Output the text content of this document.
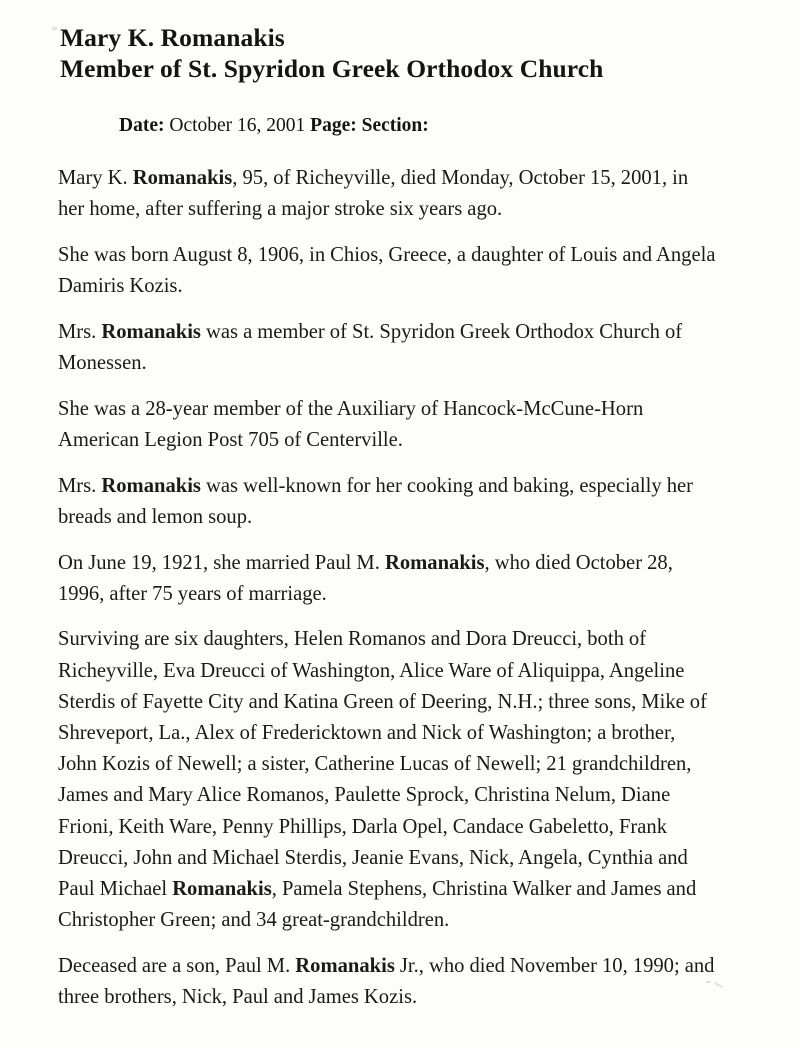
Mary K. Romanakis
Member of St. Spyridon Greek Orthodox Church
Date: October 16, 2001 Page: Section:

Mary K. Romanakis, 95, of Richeyville, died Monday, October 15, 2001, in her home, after suffering a major stroke six years ago.

She was born August 8, 1906, in Chios, Greece, a daughter of Louis and Angela Damiris Kozis.

Mrs. Romanakis was a member of St. Spyridon Greek Orthodox Church of Monessen.

She was a 28-year member of the Auxiliary of Hancock-McCune-Horn American Legion Post 705 of Centerville.

Mrs. Romanakis was well-known for her cooking and baking, especially her breads and lemon soup.

On June 19, 1921, she married Paul M. Romanakis, who died October 28, 1996, after 75 years of marriage.

Surviving are six daughters, Helen Romanos and Dora Dreucci, both of Richeyville, Eva Dreucci of Washington, Alice Ware of Aliquippa, Angeline Sterdis of Fayette City and Katina Green of Deering, N.H.; three sons, Mike of Shreveport, La., Alex of Fredericktown and Nick of Washington; a brother, John Kozis of Newell; a sister, Catherine Lucas of Newell; 21 grandchildren, James and Mary Alice Romanos, Paulette Sprock, Christina Nelum, Diane Frioni, Keith Ware, Penny Phillips, Darla Opel, Candace Gabeletto, Frank Dreucci, John and Michael Sterdis, Jeanie Evans, Nick, Angela, Cynthia and Paul Michael Romanakis, Pamela Stephens, Christina Walker and James and Christopher Green; and 34 great-grandchildren.

Deceased are a son, Paul M. Romanakis Jr., who died November 10, 1990; and three brothers, Nick, Paul and James Kozis.
